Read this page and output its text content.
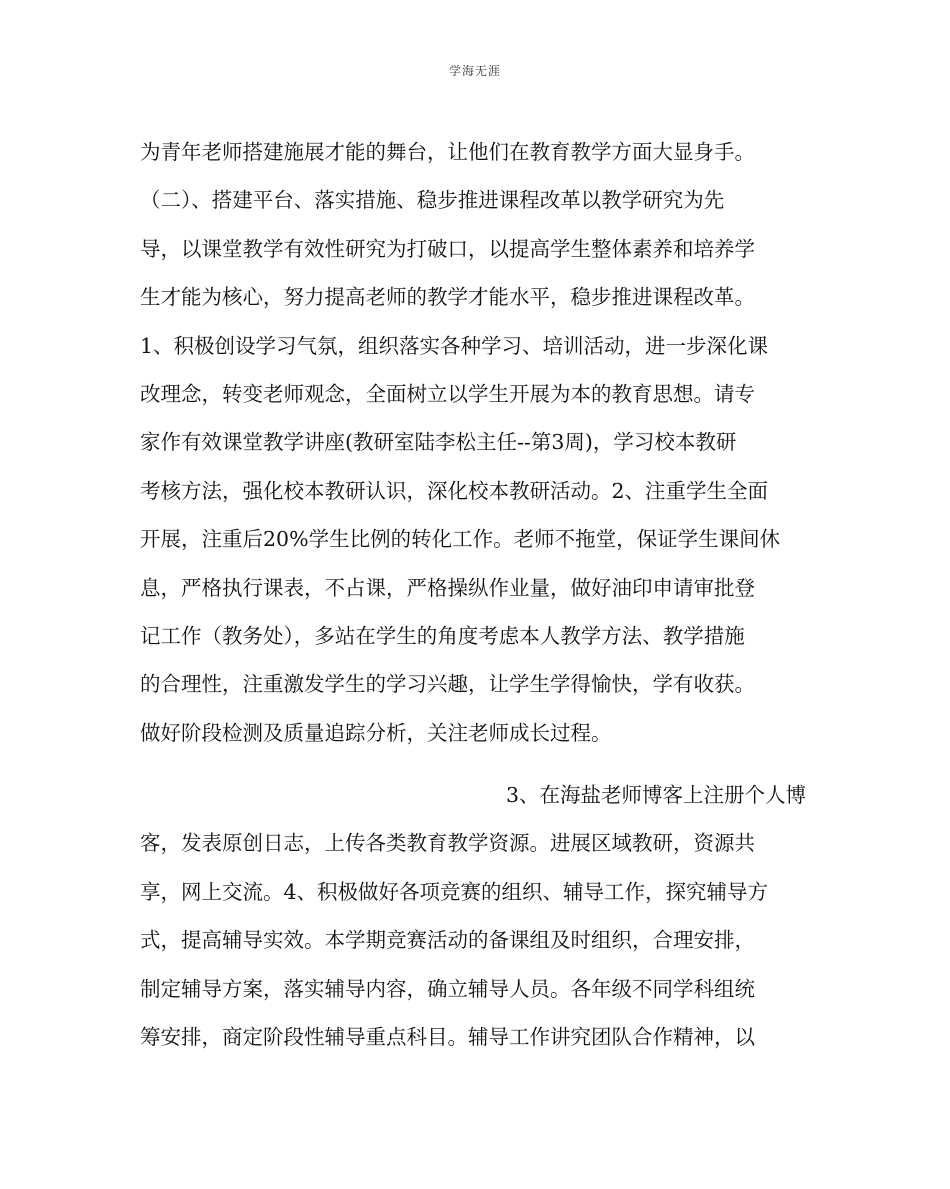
学海无涯
为青年老师搭建施展才能的舞台，让他们在教育教学方面大显身手。
（二）、搭建平台、落实措施、稳步推进课程改革以教学研究为先
导，以课堂教学有效性研究为打破口，以提高学生整体素养和培养学
生才能为核心，努力提高老师的教学才能水平，稳步推进课程改革。
1、积极创设学习气氛，组织落实各种学习、培训活动，进一步深化课
改理念，转变老师观念，全面树立以学生开展为本的教育思想。请专
家作有效课堂教学讲座(教研室陆李松主任--第3周)，学习校本教研
考核方法，强化校本教研认识，深化校本教研活动。2、注重学生全面
开展，注重后20%学生比例的转化工作。老师不拖堂，保证学生课间休
息，严格执行课表，不占课，严格操纵作业量，做好油印申请审批登
记工作（教务处），多站在学生的角度考虑本人教学方法、教学措施
的合理性，注重激发学生的学习兴趣，让学生学得愉快，学有收获。
做好阶段检测及质量追踪分析，关注老师成长过程。
3、在海盐老师博客上注册个人博
客，发表原创日志，上传各类教育教学资源。进展区域教研，资源共
享，网上交流。4、积极做好各项竞赛的组织、辅导工作，探究辅导方
式，提高辅导实效。本学期竞赛活动的备课组及时组织，合理安排，
制定辅导方案，落实辅导内容，确立辅导人员。各年级不同学科组统
筹安排，商定阶段性辅导重点科目。辅导工作讲究团队合作精神，以
